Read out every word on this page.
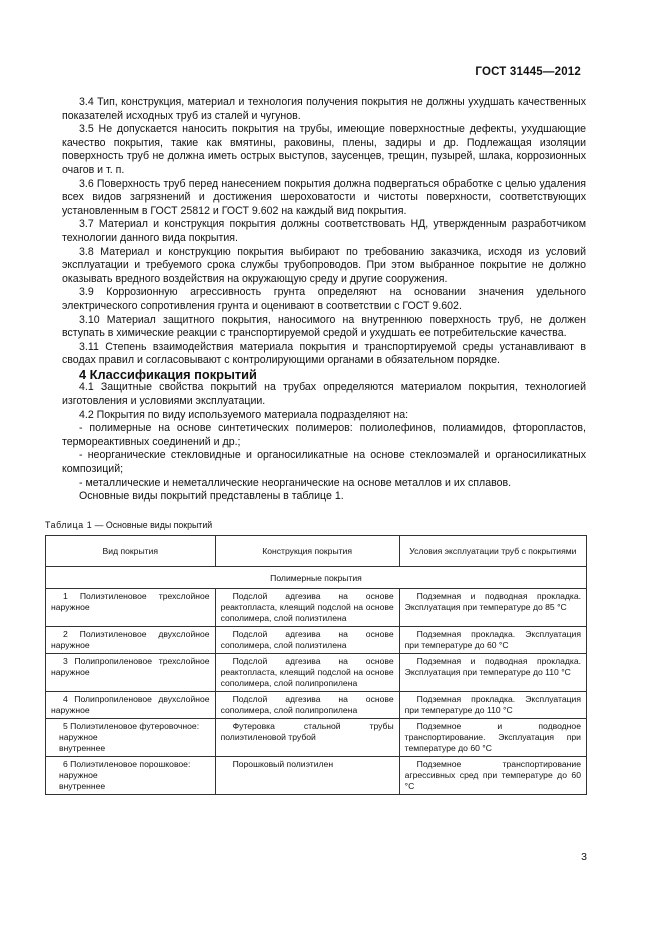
ГОСТ 31445—2012

3.4 Тип, конструкция, материал и технология получения покрытия не должны ухудшать качественных показателей исходных труб из сталей и чугунов.

3.5 Не допускается наносить покрытия на трубы, имеющие поверхностные дефекты, ухудшающие качество покрытия, такие как вмятины, раковины, плены, задиры и др. Подлежащая изоляции поверхность труб не должна иметь острых выступов, заусенцев, трещин, пузырей, шлака, коррозионных очагов и т. п.

3.6 Поверхность труб перед нанесением покрытия должна подвергаться обработке с целью удаления всех видов загрязнений и достижения шероховатости и чистоты поверхности, соответствующих установленным в ГОСТ 25812 и ГОСТ 9.602 на каждый вид покрытия.

3.7 Материал и конструкция покрытия должны соответствовать НД, утвержденным разработчиком технологии данного вида покрытия.

3.8 Материал и конструкцию покрытия выбирают по требованию заказчика, исходя из условий эксплуатации и требуемого срока службы трубопроводов. При этом выбранное покрытие не должно оказывать вредного воздействия на окружающую среду и другие сооружения.

3.9 Коррозионную агрессивность грунта определяют на основании значения удельного электрического сопротивления грунта и оценивают в соответствии с ГОСТ 9.602.

3.10 Материал защитного покрытия, наносимого на внутреннюю поверхность труб, не должен вступать в химические реакции с транспортируемой средой и ухудшать ее потребительские качества.

3.11 Степень взаимодействия материала покрытия и транспортируемой среды устанавливают в сводах правил и согласовывают с контролирующими органами в обязательном порядке.

4 Классификация покрытий

4.1 Защитные свойства покрытий на трубах определяются материалом покрытия, технологией изготовления и условиями эксплуатации.

4.2 Покрытия по виду используемого материала подразделяют на:

- полимерные на основе синтетических полимеров: полиолефинов, полиамидов, фторопластов, термореактивных соединений и др.;

- неорганические стекловидные и органосиликатные на основе стеклоэмалей и органосиликатных композиций;

- металлические и неметаллические неорганические на основе металлов и их сплавов.

Основные виды покрытий представлены в таблице 1.

Таблица 1 — Основные виды покрытий
Вид покрытия	Конструкция покрытия	Условия эксплуатации труб с покрытиями
Полимерные покрытия		
1 Полиэтиленовое трехслойное наружное	Подслой адгезива на основе реактопласта, клеящий подслой на основе сополимера, слой полиэтилена	Подземная и подводная прокладка. Эксплуатация при температуре до 85 °C
2 Полиэтиленовое двухслойное наружное	Подслой адгезива на основе сополимера, слой полиэтилена	Подземная прокладка. Эксплуатация при температуре до 60 °C
3 Полипропиленовое трехслойное наружное	Подслой адгезива на основе реактопласта, клеящий подслой на основе сополимера, слой полипропилена	Подземная и подводная прокладка. Эксплуатация при температуре до 110 °C
4 Полипропиленовое двухслойное наружное	Подслой адгезива на основе сополимера, слой полипропилена	Подземная прокладка. Эксплуатация при температуре до 110 °C

5 Полиэтиленовое футеровочное:

наружное

внутреннее	Футеровка стальной трубы полиэтиленовой трубой	Подземное и подводное транспортирование. Эксплуатация при температуре до 60 °C

6 Полиэтиленовое порошковое:

наружное

внутреннее	Порошковый полиэтилен	Подземное транспортирование агрессивных сред при температуре до 60 °C
3
